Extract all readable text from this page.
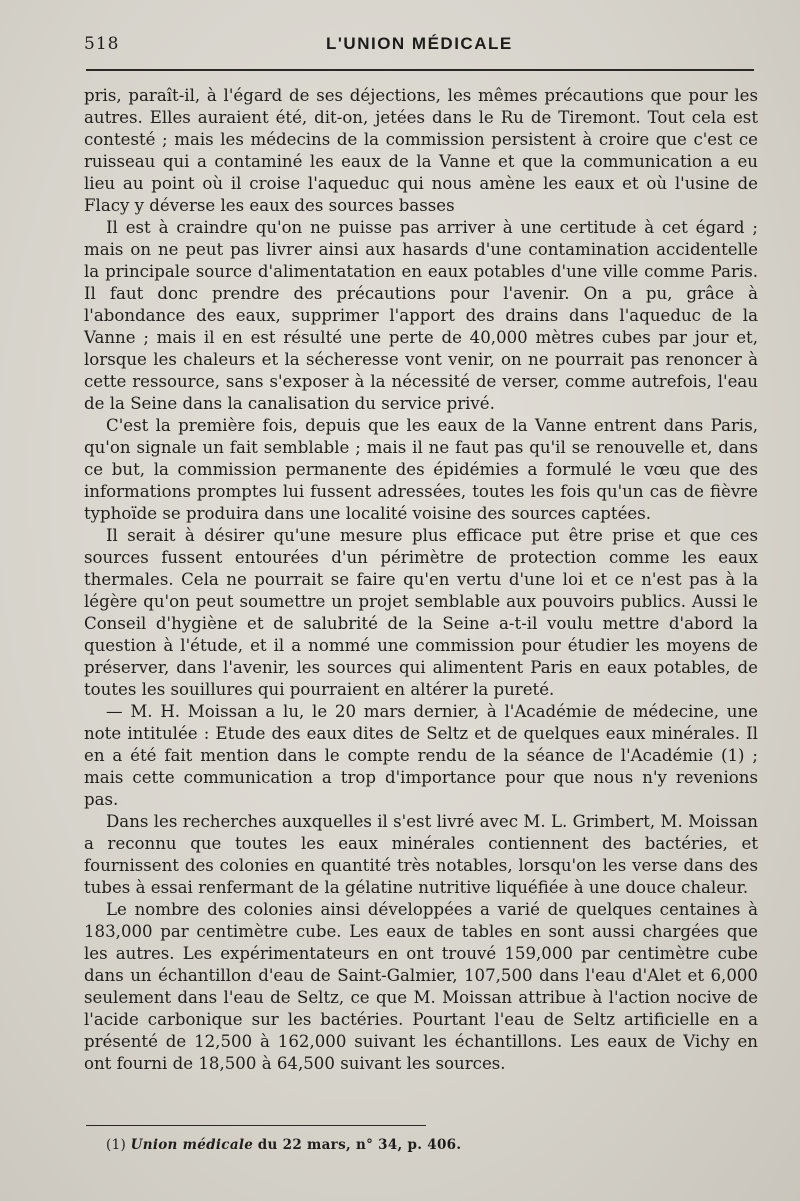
518	L'UNION MÉDICALE

pris, paraît-il, à l'égard de ses déjections, les mêmes précautions que pour les autres. Elles auraient été, dit-on, jetées dans le Ru de Tiremont. Tout cela est contesté ; mais les médecins de la commission persistent à croire que c'est ce ruisseau qui a contaminé les eaux de la Vanne et que la communication a eu lieu au point où il croise l'aqueduc qui nous amène les eaux et où l'usine de Flacy y déverse les eaux des sources basses

Il est à craindre qu'on ne puisse pas arriver à une certitude à cet égard ; mais on ne peut pas livrer ainsi aux hasards d'une contamination accidentelle la principale source d'alimentatation en eaux potables d'une ville comme Paris. Il faut donc prendre des précautions pour l'avenir. On a pu, grâce à l'abondance des eaux, supprimer l'apport des drains dans l'aqueduc de la Vanne ; mais il en est résulté une perte de 40,000 mètres cubes par jour et, lorsque les chaleurs et la sécheresse vont venir, on ne pourrait pas renoncer à cette ressource, sans s'exposer à la nécessité de verser, comme autrefois, l'eau de la Seine dans la canalisation du service privé.

C'est la première fois, depuis que les eaux de la Vanne entrent dans Paris, qu'on signale un fait semblable ; mais il ne faut pas qu'il se renouvelle et, dans ce but, la commission permanente des épidémies a formulé le vœu que des informations promptes lui fussent adressées, toutes les fois qu'un cas de fièvre typhoïde se produira dans une localité voisine des sources captées.

Il serait à désirer qu'une mesure plus efficace put être prise et que ces sources fussent entourées d'un périmètre de protection comme les eaux thermales. Cela ne pourrait se faire qu'en vertu d'une loi et ce n'est pas à la légère qu'on peut soumettre un projet semblable aux pouvoirs publics. Aussi le Conseil d'hygiène et de salubrité de la Seine a-t-il voulu mettre d'abord la question à l'étude, et il a nommé une commission pour étudier les moyens de préserver, dans l'avenir, les sources qui alimentent Paris en eaux potables, de toutes les souillures qui pourraient en altérer la pureté.

— M. H. Moissan a lu, le 20 mars dernier, à l'Académie de médecine, une note intitulée : Etude des eaux dites de Seltz et de quelques eaux minérales. Il en a été fait mention dans le compte rendu de la séance de l'Académie (1) ; mais cette communication a trop d'importance pour que nous n'y revenions pas.

Dans les recherches auxquelles il s'est livré avec M. L. Grimbert, M. Moissan a reconnu que toutes les eaux minérales contiennent des bactéries, et fournissent des colonies en quantité très notables, lorsqu'on les verse dans des tubes à essai renfermant de la gélatine nutritive liquéfiée à une douce chaleur.

Le nombre des colonies ainsi développées a varié de quelques centaines à 183,000 par centimètre cube. Les eaux de tables en sont aussi chargées que les autres. Les expérimentateurs en ont trouvé 159,000 par centimètre cube dans un échantillon d'eau de Saint-Galmier, 107,500 dans l'eau d'Alet et 6,000 seulement dans l'eau de Seltz, ce que M. Moissan attribue à l'action nocive de l'acide carbonique sur les bactéries. Pourtant l'eau de Seltz artificielle en a présenté de 12,500 à 162,000 suivant les échantillons. Les eaux de Vichy en ont fourni de 18,500 à 64,500 suivant les sources.

(1) Union médicale du 22 mars, n° 34, p. 406.
